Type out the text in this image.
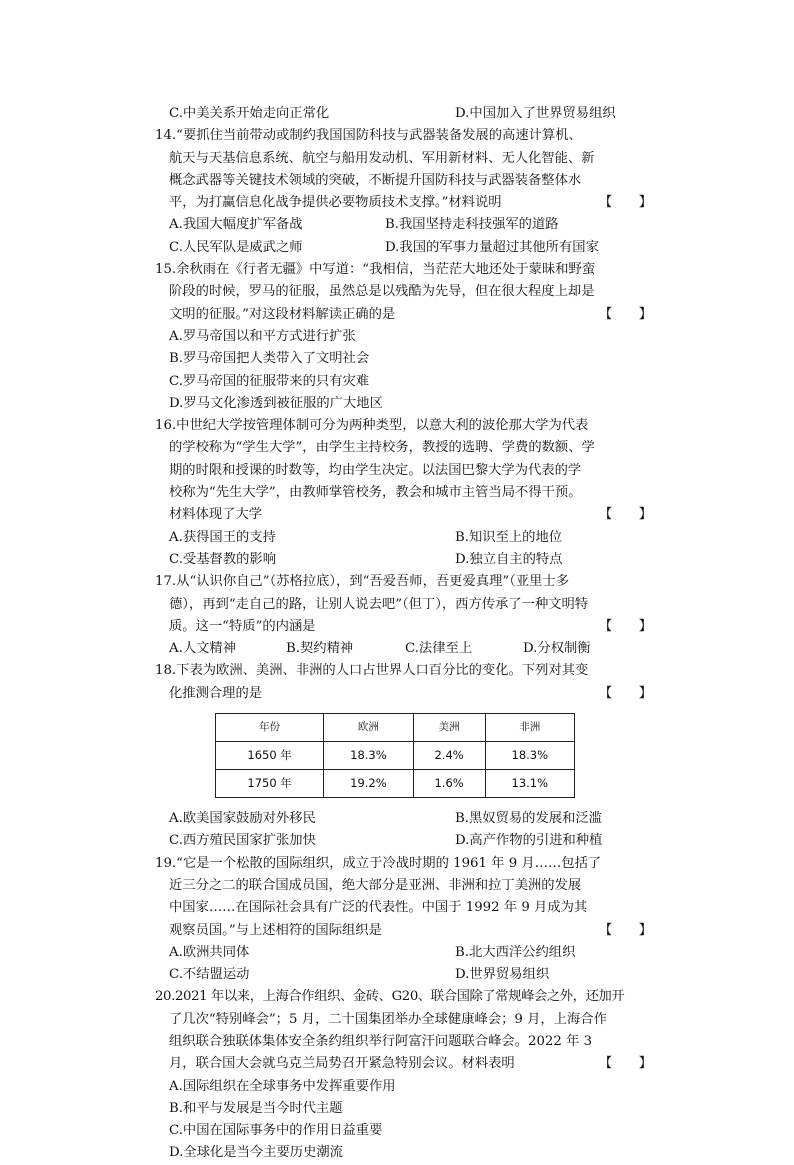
C.中美关系开始走向正常化	D.中国加入了世界贸易组织
14.“要抓住当前带动或制约我国国防科技与武器装备发展的高速计算机、
航天与天基信息系统、航空与船用发动机、军用新材料、无人化智能、新
概念武器等关键技术领域的突破，不断提升国防科技与武器装备整体水
平，为打赢信息化战争提供必要物质技术支撑。”材料说明	【　　】
A.我国大幅度扩军备战	B.我国坚持走科技强军的道路
C.人民军队是威武之师	D.我国的军事力量超过其他所有国家
15.余秋雨在《行者无疆》中写道：“我相信，当茫茫大地还处于蒙昧和野蛮
阶段的时候，罗马的征服，虽然总是以残酷为先导，但在很大程度上却是
文明的征服。”对这段材料解读正确的是	【　　】
A.罗马帝国以和平方式进行扩张
B.罗马帝国把人类带入了文明社会
C.罗马帝国的征服带来的只有灾难
D.罗马文化渗透到被征服的广大地区
16.中世纪大学按管理体制可分为两种类型，以意大利的波伦那大学为代表
的学校称为“学生大学”，由学生主持校务，教授的选聘、学费的数额、学
期的时限和授课的时数等，均由学生决定。以法国巴黎大学为代表的学
校称为“先生大学”，由教师掌管校务，教会和城市主管当局不得干预。
材料体现了大学	【　　】
A.获得国王的支持	B.知识至上的地位
C.受基督教的影响	D.独立自主的特点
17.从“认识你自己”（苏格拉底），到“吾爱吾师，吾更爱真理”（亚里士多
德），再到“走自己的路，让别人说去吧”（但丁），西方传承了一种文明特
质。这一“特质”的内涵是	【　　】
A.人文精神	B.契约精神	C.法律至上	D.分权制衡
18.下表为欧洲、美洲、非洲的人口占世界人口百分比的变化。下列对其变
化推测合理的是	【　　】
年份	欧洲	美洲	非洲
1650 年	18.3%	2.4%	18.3%
1750 年	19.2%	1.6%	13.1%
A.欧美国家鼓励对外移民	B.黑奴贸易的发展和泛滥
C.西方殖民国家扩张加快	D.高产作物的引进和种植
19.“它是一个松散的国际组织，成立于冷战时期的 1961 年 9 月……包括了
近三分之二的联合国成员国，绝大部分是亚洲、非洲和拉丁美洲的发展
中国家……在国际社会具有广泛的代表性。中国于 1992 年 9 月成为其
观察员国。”与上述相符的国际组织是	【　　】
A.欧洲共同体	B.北大西洋公约组织
C.不结盟运动	D.世界贸易组织
20.2021 年以来，上海合作组织、金砖、G20、联合国除了常规峰会之外，还加开
了几次“特别峰会”；5 月，二十国集团举办全球健康峰会；9 月，上海合作
组织联合独联体集体安全条约组织举行阿富汗问题联合峰会。2022 年 3
月，联合国大会就乌克兰局势召开紧急特别会议。材料表明	【　　】
A.国际组织在全球事务中发挥重要作用
B.和平与发展是当今时代主题
C.中国在国际事务中的作用日益重要
D.全球化是当今主要历史潮流
